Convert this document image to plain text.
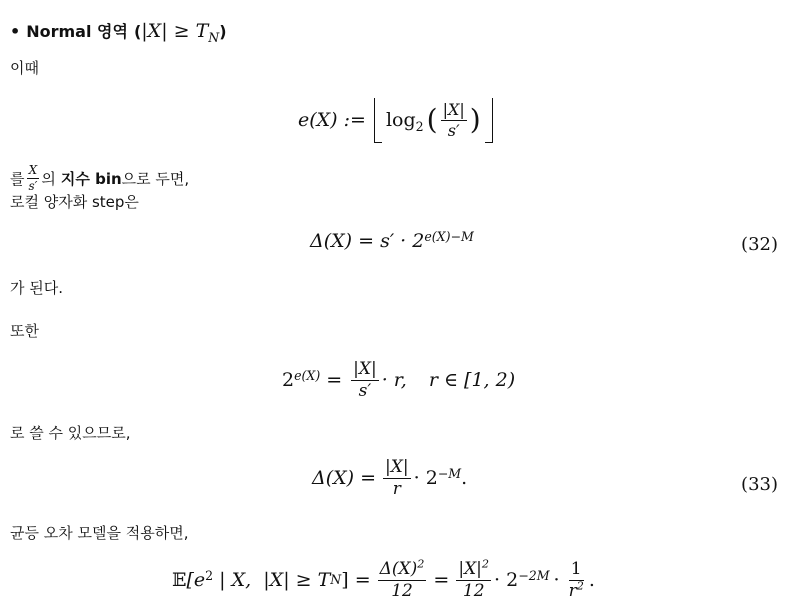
• Normal 영역 ( $|X| \ge T_N$ )
이때
e(X) := $\log_2$ ( $\frac{|X|}{s'}$ )
를 $\frac{X}{s'}$ 의 지수 bin 으로 두면,
로컬 양자화 step은
$\Delta(X) = s' \cdot 2^{e(X)-M}$	(32)
가 된다.
또한
$2^{e(X)} = \frac{|X|}{s'} \cdot r$, r ∈ [1, 2)
로 쓸 수 있으므로,
$\Delta(X) = \frac{|X|}{r} \cdot 2^{-M}$ .	(33)
균등 오차 모델을 적용하면,
𝔼 [$e^2$ | X,  |X| ≥ T N ] = $\frac{\Delta(X)^2}{12} = \frac{|X|^2}{12} \cdot 2^{-2M} \cdot \frac{1}{r^2}$ .
